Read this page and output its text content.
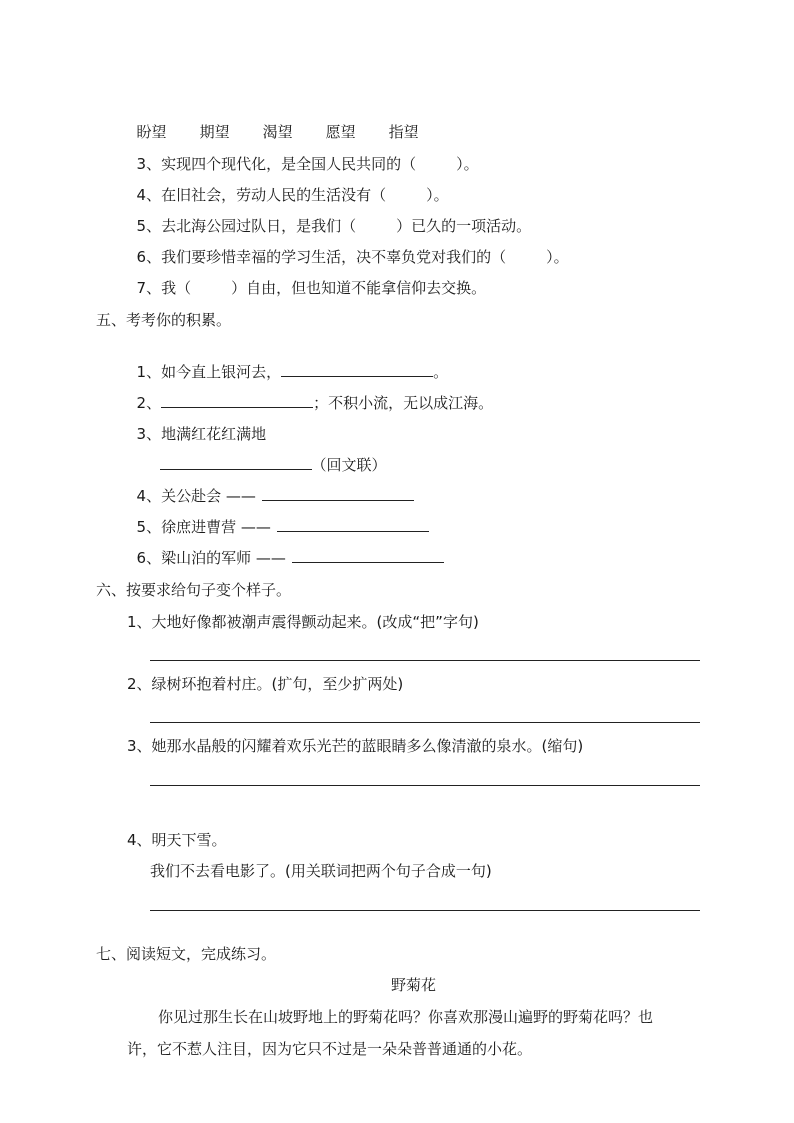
盼望 期望 渴望 愿望 指望

3、实现四个现代化，是全国人民共同的（	）。

4、在旧社会，劳动人民的生活没有（	）。

5、去北海公园过队日，是我们（	）已久的一项活动。

6、我们要珍惜幸福的学习生活，决不辜负党对我们的（	）。

7、我（	）自由，但也知道不能拿信仰去交换。

五、考考你的积累。

1、如今直上银河去，	。

2、	；不积小流，无以成江海。

3、地满红花红满地

（回文联）

4、关公赴会 ——

5、徐庶进曹营 ——

6、梁山泊的军师 ——

六、按要求给句子变个样子。
1、大地好像都被潮声震得颤动起来。(改成“把”字句)
2、绿树环抱着村庄。(扩句，至少扩两处)
3、她那水晶般的闪耀着欢乐光芒的蓝眼睛多么像清澈的泉水。(缩句)
4、明天下雪。
我们不去看电影了。(用关联词把两个句子合成一句)
七、阅读短文，完成练习。
野菊花
你见过那生长在山坡野地上的野菊花吗？你喜欢那漫山遍野的野菊花吗？也
许，它不惹人注目，因为它只不过是一朵朵普普通通的小花。
